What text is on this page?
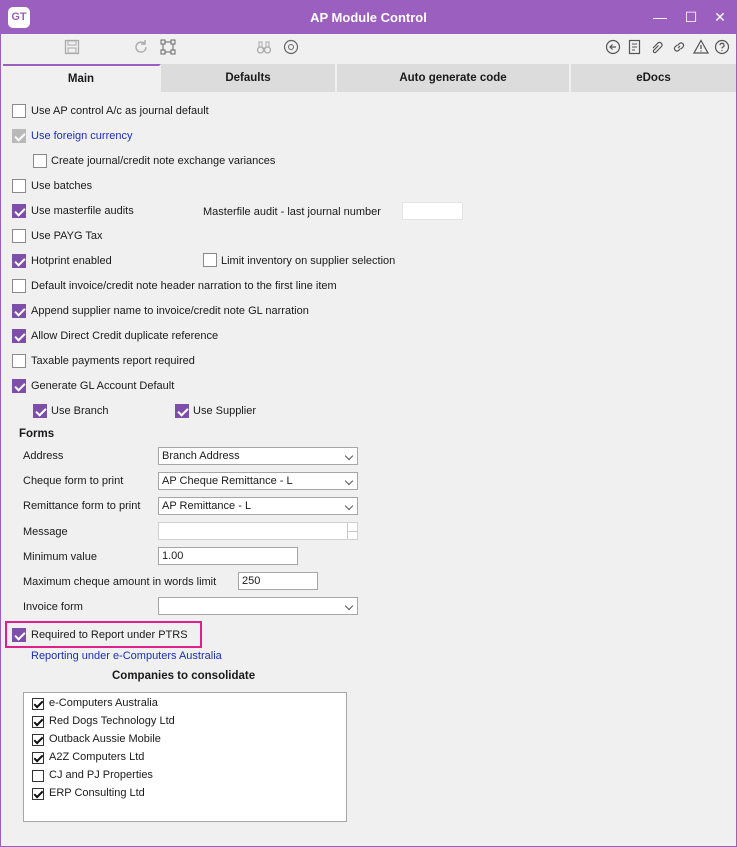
GT	AP Module Control	—	☐	✕
Main	Defaults	Auto generate code	eDocs
Use AP control A/c as journal default
Use foreign currency
Create journal/credit note exchange variances
Use batches
Use masterfile audits	Masterfile audit - last journal number
Use PAYG Tax
Hotprint enabled	Limit inventory on supplier selection
Default invoice/credit note header narration to the first line item
Append supplier name to invoice/credit note GL narration
Allow Direct Credit duplicate reference
Taxable payments report required
Generate GL Account Default
Use Branch	Use Supplier
Forms
Address	Branch Address
Cheque form to print	AP Cheque Remittance - L
Remittance form to print	AP Remittance - L
Message
Minimum value	1.00
Maximum cheque amount in words limit	250
Invoice form
Required to Report under PTRS
Reporting under e-Computers Australia
Companies to consolidate
e-Computers Australia
Red Dogs Technology Ltd
Outback Aussie Mobile
A2Z Computers Ltd
CJ and PJ Properties
ERP Consulting Ltd
